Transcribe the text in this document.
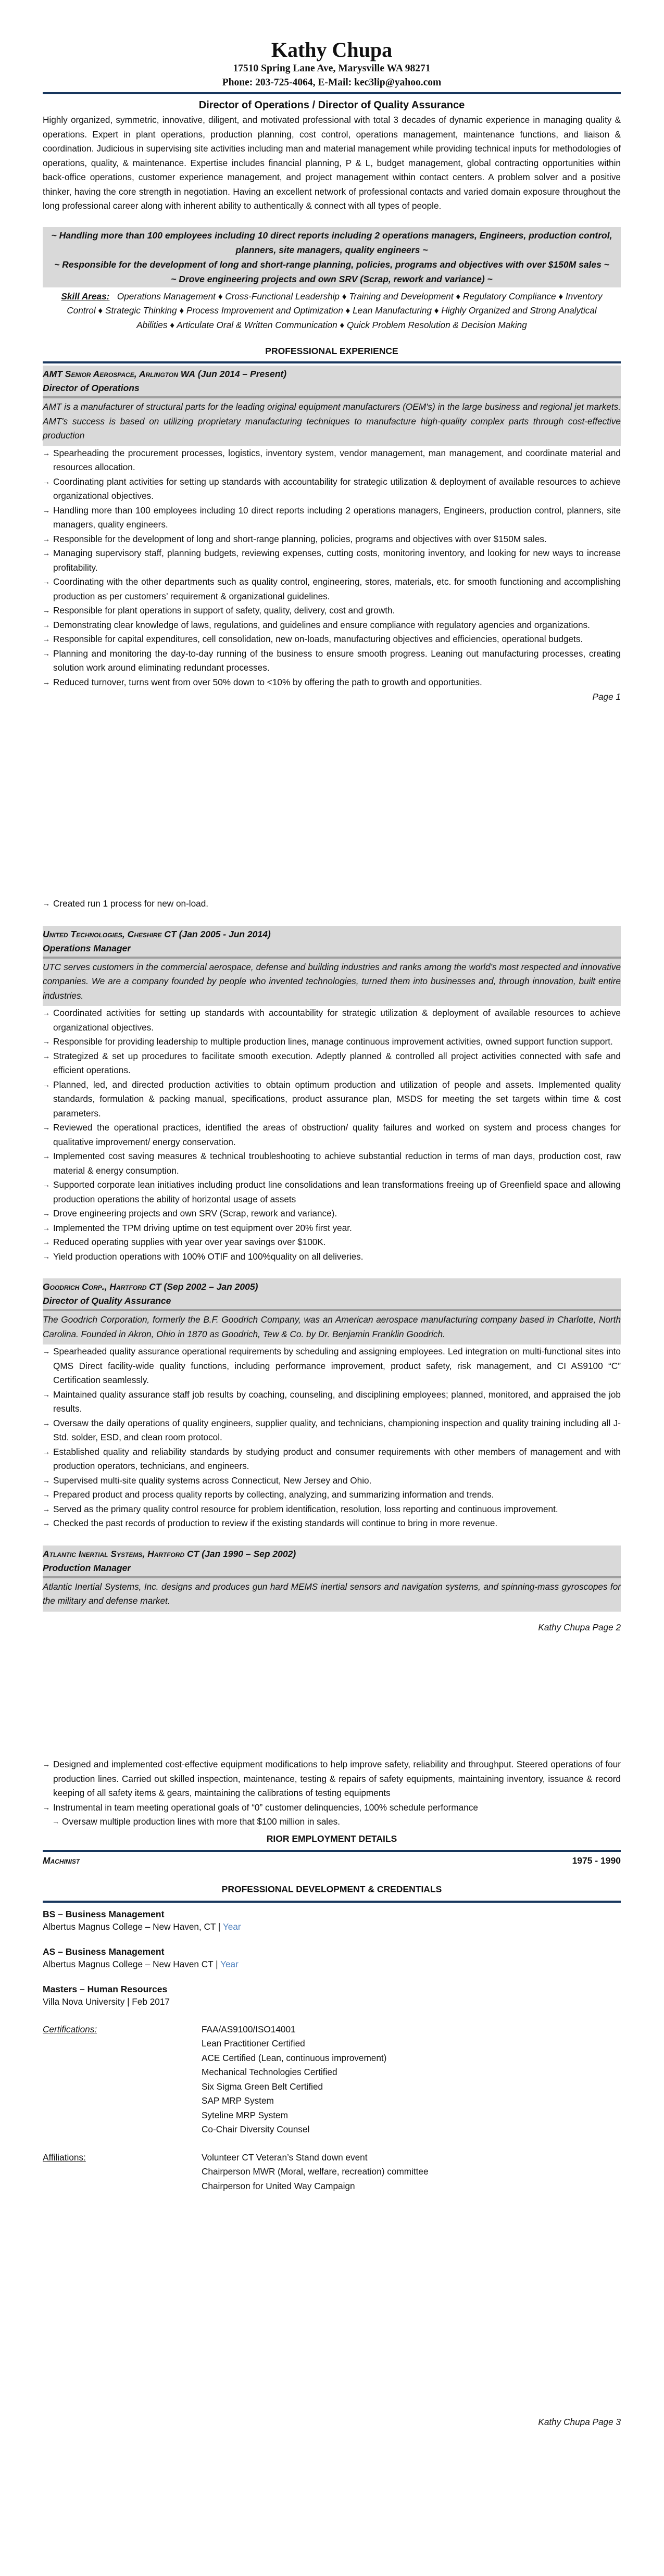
Kathy Chupa
17510 Spring Lane Ave, Marysville WA 98271
Phone: 203-725-4064, E-Mail: kec3lip@yahoo.com
Director of Operations / Director of Quality Assurance
Highly organized, symmetric, innovative, diligent, and motivated professional with total 3 decades of dynamic experience in managing quality & operations. Expert in plant operations, production planning, cost control, operations management, maintenance functions, and liaison & coordination. Judicious in supervising site activities including man and material management while providing technical inputs for methodologies of operations, quality, & maintenance. Expertise includes financial planning, P & L, budget management, global contracting opportunities within back-office operations, customer experience management, and project management within contact centers. A problem solver and a positive thinker, having the core strength in negotiation. Having an excellent network of professional contacts and varied domain exposure throughout the long professional career along with inherent ability to authentically & connect with all types of people.
~ Handling more than 100 employees including 10 direct reports including 2 operations managers, Engineers, production control, planners, site managers, quality engineers ~
~ Responsible for the development of long and short-range planning, policies, programs and objectives with over $150M sales ~
~ Drove engineering projects and own SRV (Scrap, rework and variance) ~
Skill Areas: Operations Management ♦ Cross-Functional Leadership ♦ Training and Development ♦ Regulatory Compliance ♦ Inventory Control ♦ Strategic Thinking ♦ Process Improvement and Optimization ♦ Lean Manufacturing ♦ Highly Organized and Strong Analytical Abilities ♦ Articulate Oral & Written Communication ♦ Quick Problem Resolution & Decision Making
PROFESSIONAL EXPERIENCE
AMT Senior Aerospace, Arlington WA (Jun 2014 – Present)
Director of Operations
AMT is a manufacturer of structural parts for the leading original equipment manufacturers (OEM's) in the large business and regional jet markets. AMT's success is based on utilizing proprietary manufacturing techniques to manufacture high-quality complex parts through cost-effective production
→ Spearheading the procurement processes, logistics, inventory system, vendor management, man management, and coordinate material and resources allocation.
→ Coordinating plant activities for setting up standards with accountability for strategic utilization & deployment of available resources to achieve organizational objectives.
→ Handling more than 100 employees including 10 direct reports including 2 operations managers, Engineers, production control, planners, site managers, quality engineers.
→ Responsible for the development of long and short-range planning, policies, programs and objectives with over $150M sales.
→ Managing supervisory staff, planning budgets, reviewing expenses, cutting costs, monitoring inventory, and looking for new ways to increase profitability.
→ Coordinating with the other departments such as quality control, engineering, stores, materials, etc. for smooth functioning and accomplishing production as per customers’ requirement & organizational guidelines.
→ Responsible for plant operations in support of safety, quality, delivery, cost and growth.
→ Demonstrating clear knowledge of laws, regulations, and guidelines and ensure compliance with regulatory agencies and organizations.
→ Responsible for capital expenditures, cell consolidation, new on-loads, manufacturing objectives and efficiencies, operational budgets.
→ Planning and monitoring the day-to-day running of the business to ensure smooth progress. Leaning out manufacturing processes, creating solution work around eliminating redundant processes.
→ Reduced turnover, turns went from over 50% down to <10% by offering the path to growth and opportunities.
Page 1
→ Created run 1 process for new on-load.
United Technologies, Cheshire CT (Jan 2005 - Jun 2014)
Operations Manager
UTC serves customers in the commercial aerospace, defense and building industries and ranks among the world’s most respected and innovative companies. We are a company founded by people who invented technologies, turned them into businesses and, through innovation, built entire industries.
→ Coordinated activities for setting up standards with accountability for strategic utilization & deployment of available resources to achieve organizational objectives.
→ Responsible for providing leadership to multiple production lines, manage continuous improvement activities, owned support function support.
→ Strategized & set up procedures to facilitate smooth execution. Adeptly planned & controlled all project activities connected with safe and efficient operations.
→ Planned, led, and directed production activities to obtain optimum production and utilization of people and assets. Implemented quality standards, formulation & packing manual, specifications, product assurance plan, MSDS for meeting the set targets within time & cost parameters.
→ Reviewed the operational practices, identified the areas of obstruction/ quality failures and worked on system and process changes for qualitative improvement/ energy conservation.
→ Implemented cost saving measures & technical troubleshooting to achieve substantial reduction in terms of man days, production cost, raw material & energy consumption.
→ Supported corporate lean initiatives including product line consolidations and lean transformations freeing up of Greenfield space and allowing production operations the ability of horizontal usage of assets
→ Drove engineering projects and own SRV (Scrap, rework and variance).
→ Implemented the TPM driving uptime on test equipment over 20% first year.
→ Reduced operating supplies with year over year savings over $100K.
→ Yield production operations with 100% OTIF and 100%quality on all deliveries.
Goodrich Corp., Hartford CT (Sep 2002 – Jan 2005)
Director of Quality Assurance
The Goodrich Corporation, formerly the B.F. Goodrich Company, was an American aerospace manufacturing company based in Charlotte, North Carolina. Founded in Akron, Ohio in 1870 as Goodrich, Tew & Co. by Dr. Benjamin Franklin Goodrich.
→ Spearheaded quality assurance operational requirements by scheduling and assigning employees. Led integration on multi-functional sites into QMS Direct facility-wide quality functions, including performance improvement, product safety, risk management, and CI AS9100 “C” Certification seamlessly.
→ Maintained quality assurance staff job results by coaching, counseling, and disciplining employees; planned, monitored, and appraised the job results.
→ Oversaw the daily operations of quality engineers, supplier quality, and technicians, championing inspection and quality training including all J-Std. solder, ESD, and clean room protocol.
→ Established quality and reliability standards by studying product and consumer requirements with other members of management and with production operators, technicians, and engineers.
→ Supervised multi-site quality systems across Connecticut, New Jersey and Ohio.
→ Prepared product and process quality reports by collecting, analyzing, and summarizing information and trends.
→ Served as the primary quality control resource for problem identification, resolution, loss reporting and continuous improvement.
→ Checked the past records of production to review if the existing standards will continue to bring in more revenue.
Atlantic Inertial Systems, Hartford CT (Jan 1990 – Sep 2002)
Production Manager
Atlantic Inertial Systems, Inc. designs and produces gun hard MEMS inertial sensors and navigation systems, and spinning-mass gyroscopes for the military and defense market.
Kathy Chupa Page 2
→ Designed and implemented cost-effective equipment modifications to help improve safety, reliability and throughput. Steered operations of four production lines. Carried out skilled inspection, maintenance, testing & repairs of safety equipments, maintaining inventory, issuance & record keeping of all safety items & gears, maintaining the calibrations of testing equipments
→ Instrumental in team meeting operational goals of “0” customer delinquencies, 100% schedule performance
→ Oversaw multiple production lines with more that $100 million in sales.
RIOR EMPLOYMENT DETAILS
Machinist	1975 - 1990
PROFESSIONAL DEVELOPMENT & CREDENTIALS
BS – Business Management
Albertus Magnus College – New Haven, CT | Year
AS – Business Management
Albertus Magnus College – New Haven CT | Year
Masters – Human Resources
Villa Nova University | Feb 2017
Certifications:	FAA/AS9100/ISO14001
Lean Practitioner Certified
ACE Certified (Lean, continuous improvement)
Mechanical Technologies Certified
Six Sigma Green Belt Certified
SAP MRP System
Syteline MRP System
Co-Chair Diversity Counsel
Affiliations:	Volunteer CT Veteran’s Stand down event
Chairperson MWR (Moral, welfare, recreation) committee
Chairperson for United Way Campaign
Kathy Chupa Page 3
